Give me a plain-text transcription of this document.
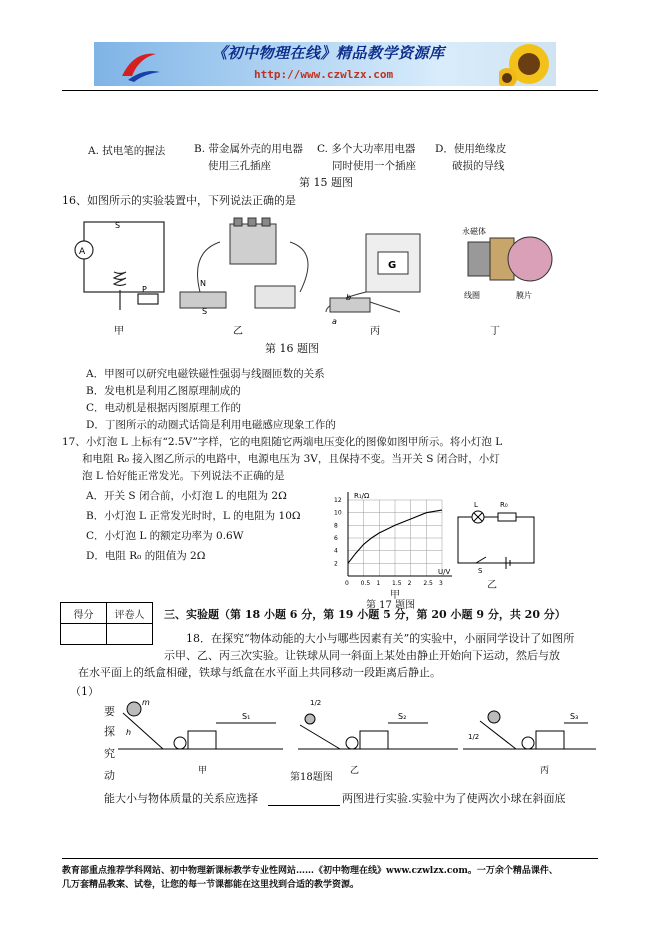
《初中物理在线》精品教学资源库
http://www.czwlzx.com
A. 拭电笔的握法	B. 带金属外壳的用电器
使用三孔插座
C. 多个大功率用电器
同时使用一个插座
D．使用绝缘皮
破损的导线
第 15 题图
16、如图所示的实验装置中，下列说法正确的是
A
S
P
甲
N
S
乙
G
a
b
丙
永磁体
线圈	膜片
丁
第 16 题图
A．甲图可以研究电磁铁磁性强弱与线圈匝数的关系
B．发电机是利用乙图原理制成的
C．电动机是根据丙图原理工作的
D．丁图所示的动圈式话筒是利用电磁感应现象工作的
17、小灯泡 L 上标有“2.5V”字样，它的电阻随它两端电压变化的图像如图甲所示。将小灯泡 L
和电阻 R₀ 接入图乙所示的电路中，电源电压为 3V，且保持不变。当开关 S 闭合时，小灯
泡 L 恰好能正常发光。下列说法不正确的是
A．开关 S 闭合前，小灯泡 L 的电阻为 2Ω
B．小灯泡 L 正常发光时时，L 的电阻为 10Ω
C．小灯泡 L 的额定功率为 0.6W
D．电阻 R₀ 的阻值为 2Ω
0 0.5 1 1.5 2 2.5 3
2
4
6
8
10
12
R₁/Ω
U/V
甲
L	R₀
S
乙
得分	评卷人
	三、实验题（第 18 小题 6 分，第 19 小题 5 分，第 20 小题 9 分，共 20 分）
第 17 题图
18．在探究“物体动能的大小与哪些因素有关”的实验中，小丽同学设计了如图所
示甲、乙、丙三次实验。让铁球从同一斜面上某处由静止开始向下运动，然后与放
在水平面上的纸盒相碰，铁球与纸盒在水平面上共同移动一段距离后静止。
（1）
要
探
究
动
m
h
S₁
甲
1/2
S₂
乙
1/2
S₃
丙
第18题图
能大小与物体质量的关系应选择	两图进行实验.实验中为了使两次小球在斜面底
教育部重点推荐学科网站、初中物理新课标教学专业性网站……《初中物理在线》www.czwlzx.com。一万余个精品课件、
几万套精品教案、试卷，让您的每一节课都能在这里找到合适的教学资源。
